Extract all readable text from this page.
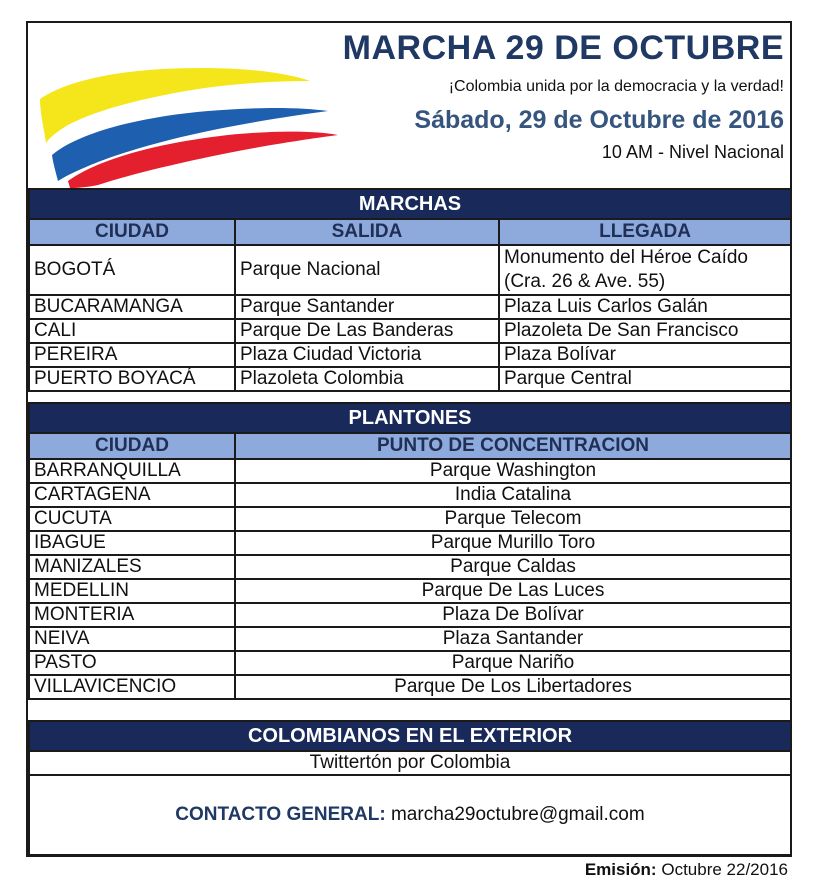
MARCHA 29 DE OCTUBRE
¡Colombia unida por la democracia y la verdad!
Sábado, 29 de Octubre de 2016
10 AM - Nivel Nacional
MARCHAS		
CIUDAD	SALIDA	LLEGADA
BOGOTÁ	Parque Nacional	Monumento del Héroe Caído (Cra. 26 & Ave. 55)
BUCARAMANGA	Parque Santander	Plaza Luis Carlos Galán
CALI	Parque De Las Banderas	Plazoleta De San Francisco
PEREIRA	Plaza Ciudad Victoria	Plaza Bolívar
PUERTO BOYACÁ	Plazoleta Colombia	Parque Central
PLANTONES	
CIUDAD	PUNTO DE CONCENTRACION
BARRANQUILLA	Parque Washington
CARTAGENA	India Catalina
CUCUTA	Parque Telecom
IBAGUE	Parque Murillo Toro
MANIZALES	Parque Caldas
MEDELLIN	Parque De Las Luces
MONTERIA	Plaza De Bolívar
NEIVA	Plaza Santander
PASTO	Parque Nariño
VILLAVICENCIO	Parque De Los Libertadores
COLOMBIANOS EN EL EXTERIOR
Twittertón por Colombia
CONTACTO GENERAL: marcha29octubre@gmail.com
Emisión: Octubre 22/2016
